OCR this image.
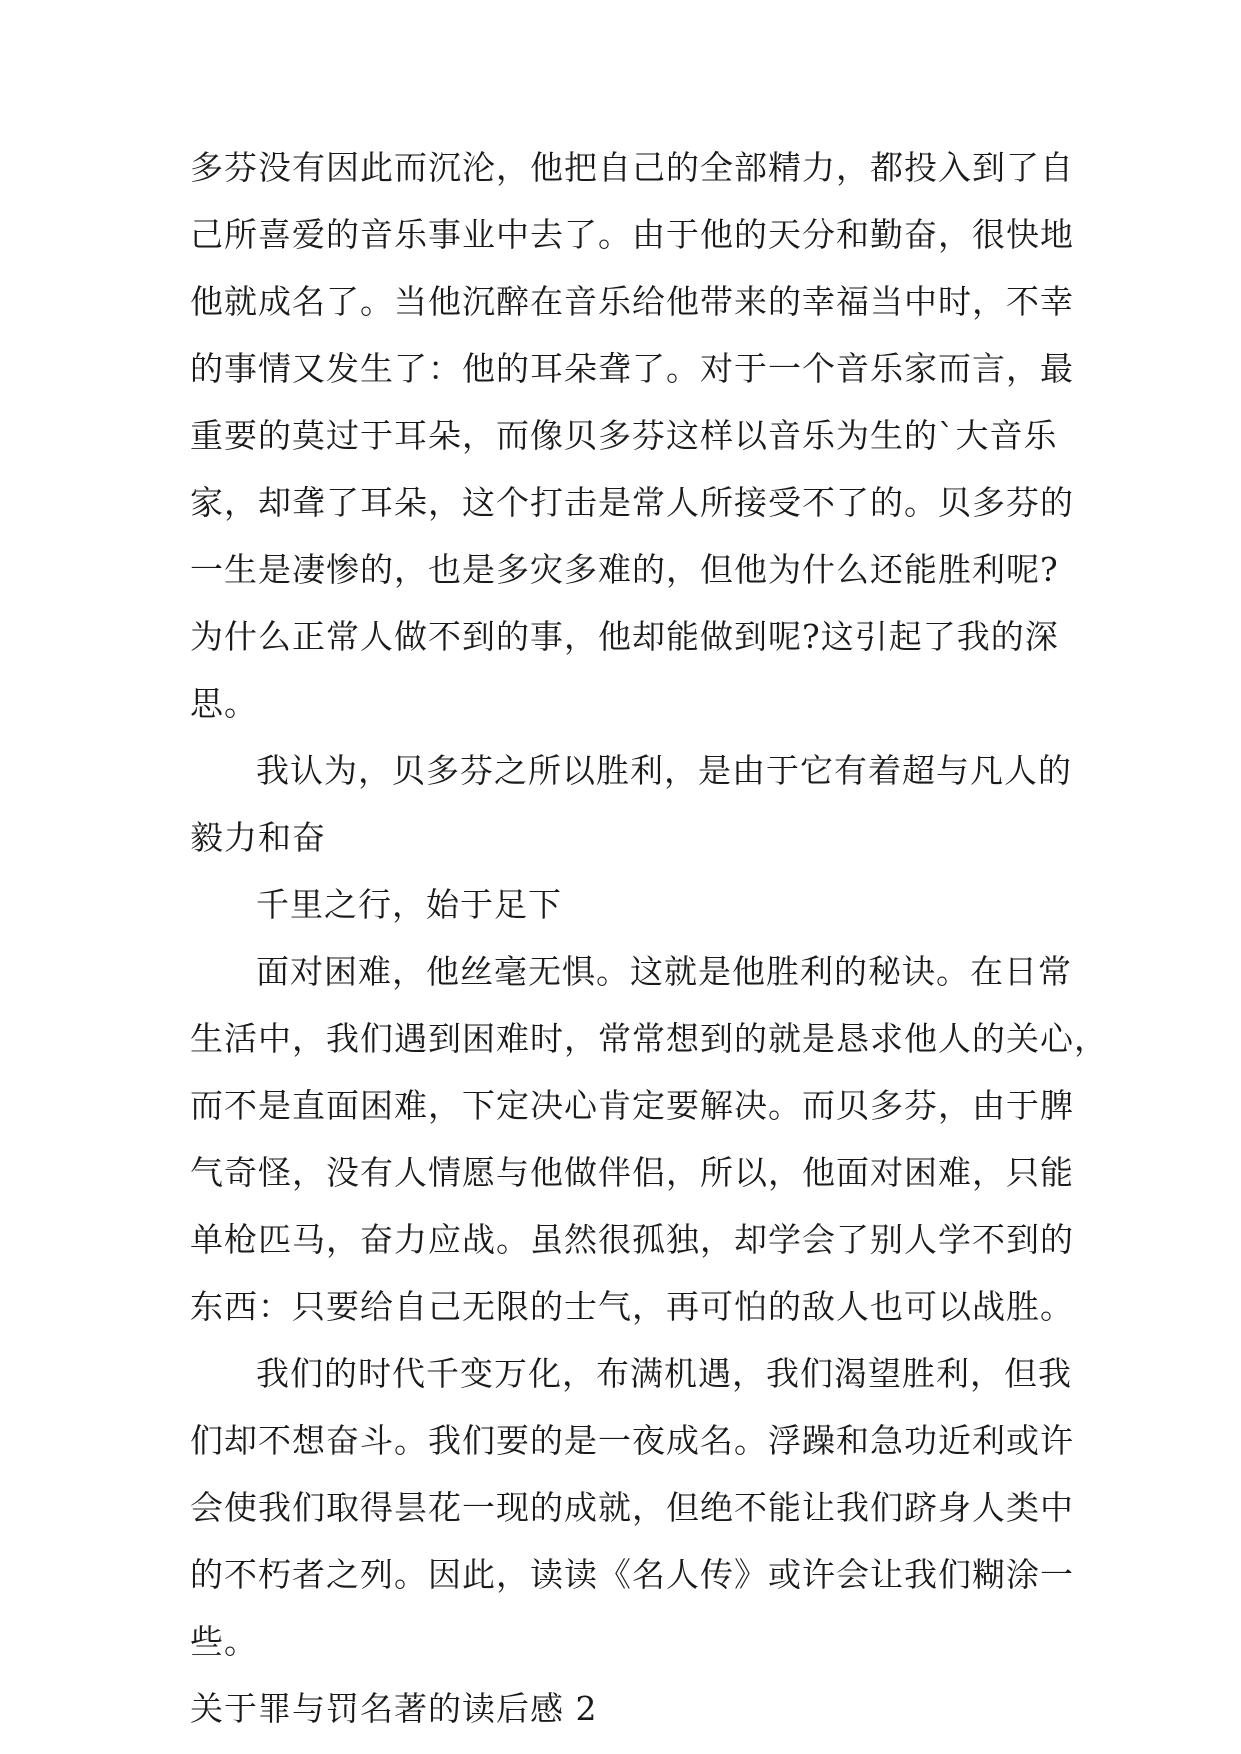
多芬没有因此而沉沦，他把自己的全部精力，都投入到了自
己所喜爱的音乐事业中去了。由于他的天分和勤奋，很快地
他就成名了。当他沉醉在音乐给他带来的幸福当中时，不幸
的事情又发生了：他的耳朵聋了。对于一个音乐家而言，最
重要的莫过于耳朵，而像贝多芬这样以音乐为生的`大音乐
家，却聋了耳朵，这个打击是常人所接受不了的。贝多芬的
一生是凄惨的，也是多灾多难的，但他为什么还能胜利呢?
为什么正常人做不到的事，他却能做到呢?这引起了我的深
思。
我认为，贝多芬之所以胜利，是由于它有着超与凡人的
毅力和奋
千里之行，始于足下
面对困难，他丝毫无惧。这就是他胜利的秘诀。在日常
生活中，我们遇到困难时，常常想到的就是恳求他人的关心，
而不是直面困难，下定决心肯定要解决。而贝多芬，由于脾
气奇怪，没有人情愿与他做伴侣，所以，他面对困难，只能
单枪匹马，奋力应战。虽然很孤独，却学会了别人学不到的
东西：只要给自己无限的士气，再可怕的敌人也可以战胜。
我们的时代千变万化，布满机遇，我们渴望胜利，但我
们却不想奋斗。我们要的是一夜成名。浮躁和急功近利或许
会使我们取得昙花一现的成就，但绝不能让我们跻身人类中
的不朽者之列。因此，读读《名人传》或许会让我们糊涂一
些。
关于罪与罚名著的读后感 2
